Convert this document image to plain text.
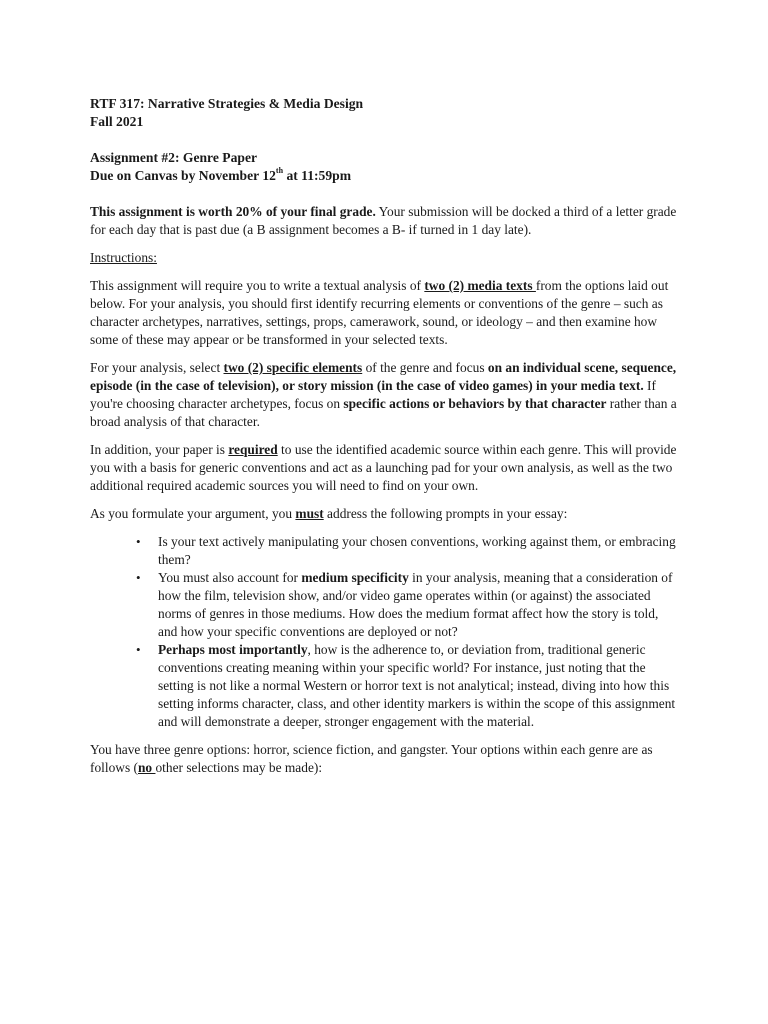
RTF 317: Narrative Strategies & Media Design
Fall 2021
Assignment #2: Genre Paper
Due on Canvas by November 12th at 11:59pm

This assignment is worth 20% of your final grade. Your submission will be docked a third of a letter grade for each day that is past due (a B assignment becomes a B- if turned in 1 day late).

Instructions:

This assignment will require you to write a textual analysis of two (2) media texts from the options laid out below. For your analysis, you should first identify recurring elements or conventions of the genre – such as character archetypes, narratives, settings, props, camerawork, sound, or ideology – and then examine how some of these may appear or be transformed in your selected texts.

For your analysis, select two (2) specific elements of the genre and focus on an individual scene, sequence, episode (in the case of television), or story mission (in the case of video games) in your media text. If you're choosing character archetypes, focus on specific actions or behaviors by that character rather than a broad analysis of that character.

In addition, your paper is required to use the identified academic source within each genre. This will provide you with a basis for generic conventions and act as a launching pad for your own analysis, as well as the two additional required academic sources you will need to find on your own.

As you formulate your argument, you must address the following prompts in your essay:

• Is your text actively manipulating your chosen conventions, working against them, or embracing them?
• You must also account for medium specificity in your analysis, meaning that a consideration of how the film, television show, and/or video game operates within (or against) the associated norms of genres in those mediums. How does the medium format affect how the story is told, and how your specific conventions are deployed or not?
• Perhaps most importantly, how is the adherence to, or deviation from, traditional generic conventions creating meaning within your specific world? For instance, just noting that the setting is not like a normal Western or horror text is not analytical; instead, diving into how this setting informs character, class, and other identity markers is within the scope of this assignment and will demonstrate a deeper, stronger engagement with the material.

You have three genre options: horror, science fiction, and gangster. Your options within each genre are as follows (no other selections may be made):
